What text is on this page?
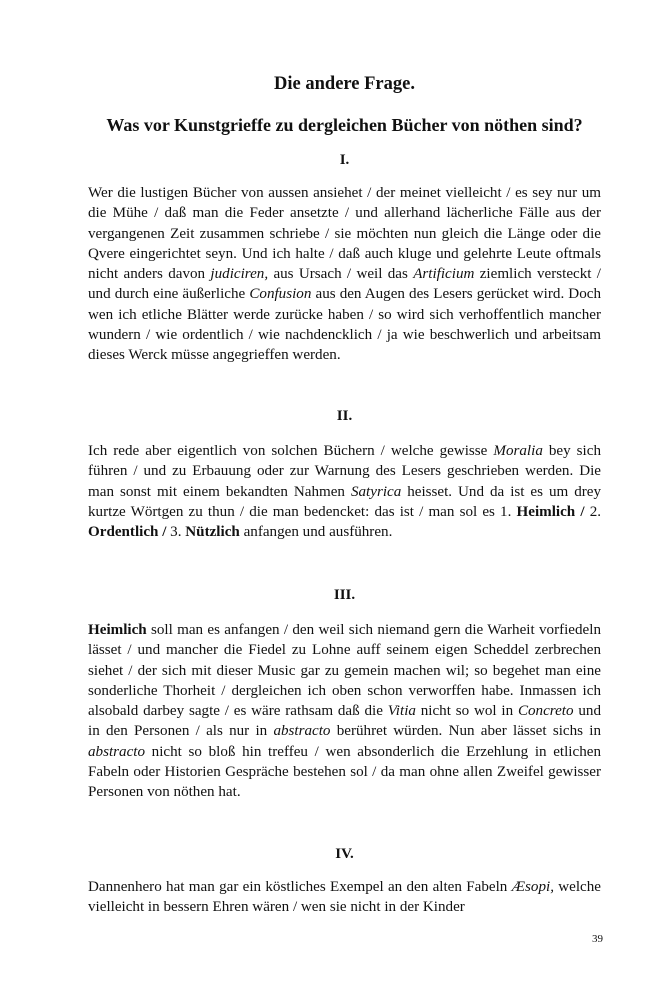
Die andere Frage.
Was vor Kunstgrieffe zu dergleichen Bücher von nöthen sind?
I.

Wer die lustigen Bücher von aussen ansiehet / der meinet vielleicht / es sey nur um die Mühe / daß man die Feder ansetzte / und allerhand lächerliche Fälle aus der vergangenen Zeit zusammen schriebe / sie möchten nun gleich die Länge oder die Qvere eingerichtet seyn. Und ich halte / daß auch kluge und gelehrte Leute oftmals nicht anders davon judiciren, aus Ursach / weil das Artificium ziemlich versteckt / und durch eine äußerliche Confusion aus den Augen des Lesers gerücket wird. Doch wen ich etliche Blätter werde zurücke haben / so wird sich verhoffentlich mancher wundern / wie ordentlich / wie nachdencklich / ja wie beschwerlich und arbeitsam dieses Werck müsse angegrieffen werden.

II.

Ich rede aber eigentlich von solchen Büchern / welche gewisse Moralia bey sich führen / und zu Erbauung oder zur Warnung des Lesers geschrieben werden. Die man sonst mit einem bekandten Nahmen Satyrica heisset. Und da ist es um drey kurtze Wörtgen zu thun / die man bedencket: das ist / man sol es 1. Heimlich / 2. Ordentlich / 3. Nützlich anfangen und ausführen.

III.

Heimlich soll man es anfangen / den weil sich niemand gern die Warheit vorfiedeln lässet / und mancher die Fiedel zu Lohne auff seinem eigen Scheddel zerbrechen siehet / der sich mit dieser Music gar zu gemein machen wil; so begehet man eine sonderliche Thorheit / dergleichen ich oben schon verworffen habe. Inmassen ich alsobald darbey sagte / es wäre rathsam daß die Vitia nicht so wol in Concreto und in den Personen / als nur in abstracto berühret würden. Nun aber lässet sichs in abstracto nicht so bloß hin treffeu / wen absonderlich die Erzehlung in etlichen Fabeln oder Historien Gespräche bestehen sol / da man ohne allen Zweifel gewisser Personen von nöthen hat.

IV.

Dannenhero hat man gar ein köstliches Exempel an den alten Fabeln Æsopi, welche vielleicht in bessern Ehren wären / wen sie nicht in der Kinder

39
